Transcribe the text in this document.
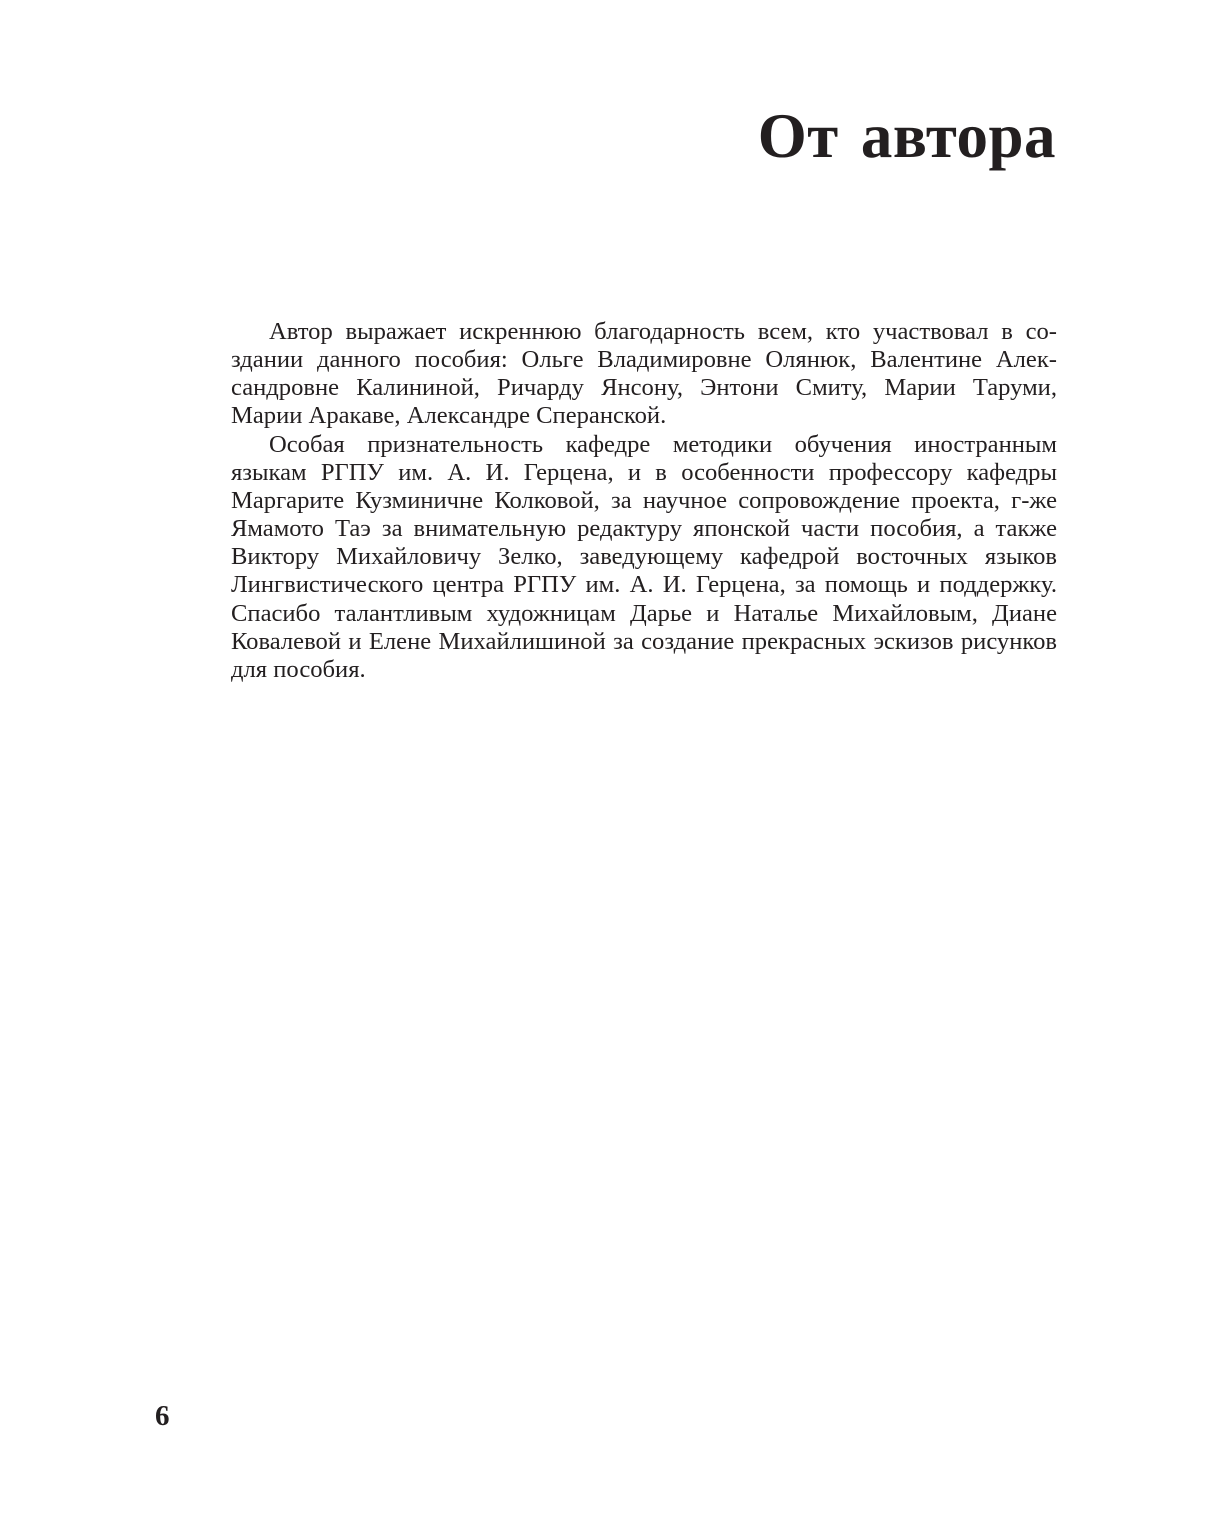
От автора

Автор выражает искреннюю благодарность всем, кто участвовал в создании данного пособия: Ольге Владимировне Олянюк, Валентине Александровне Калининой, Ричарду Янсону, Энтони Смиту, Марии Таруми, Марии Аракаве, Александре Сперанской.

Особая признательность кафедре методики обучения иностранным языкам РГПУ им. А. И. Герцена, и в особенности профессору кафедры Маргарите Кузминичне Колковой, за научное сопровождение проекта, г-же Ямамото Таэ за внимательную редактуру японской части пособия, а также Виктору Михайловичу Зелко, заведующему кафедрой восточных языков Лингвистического центра РГПУ им. А. И. Герцена, за помощь и поддержку. Спасибо талантливым художницам Дарье и Наталье Михайловым, Диане Ковалевой и Елене Михайлишиной за создание прекрасных эскизов рисунков для пособия.

6
